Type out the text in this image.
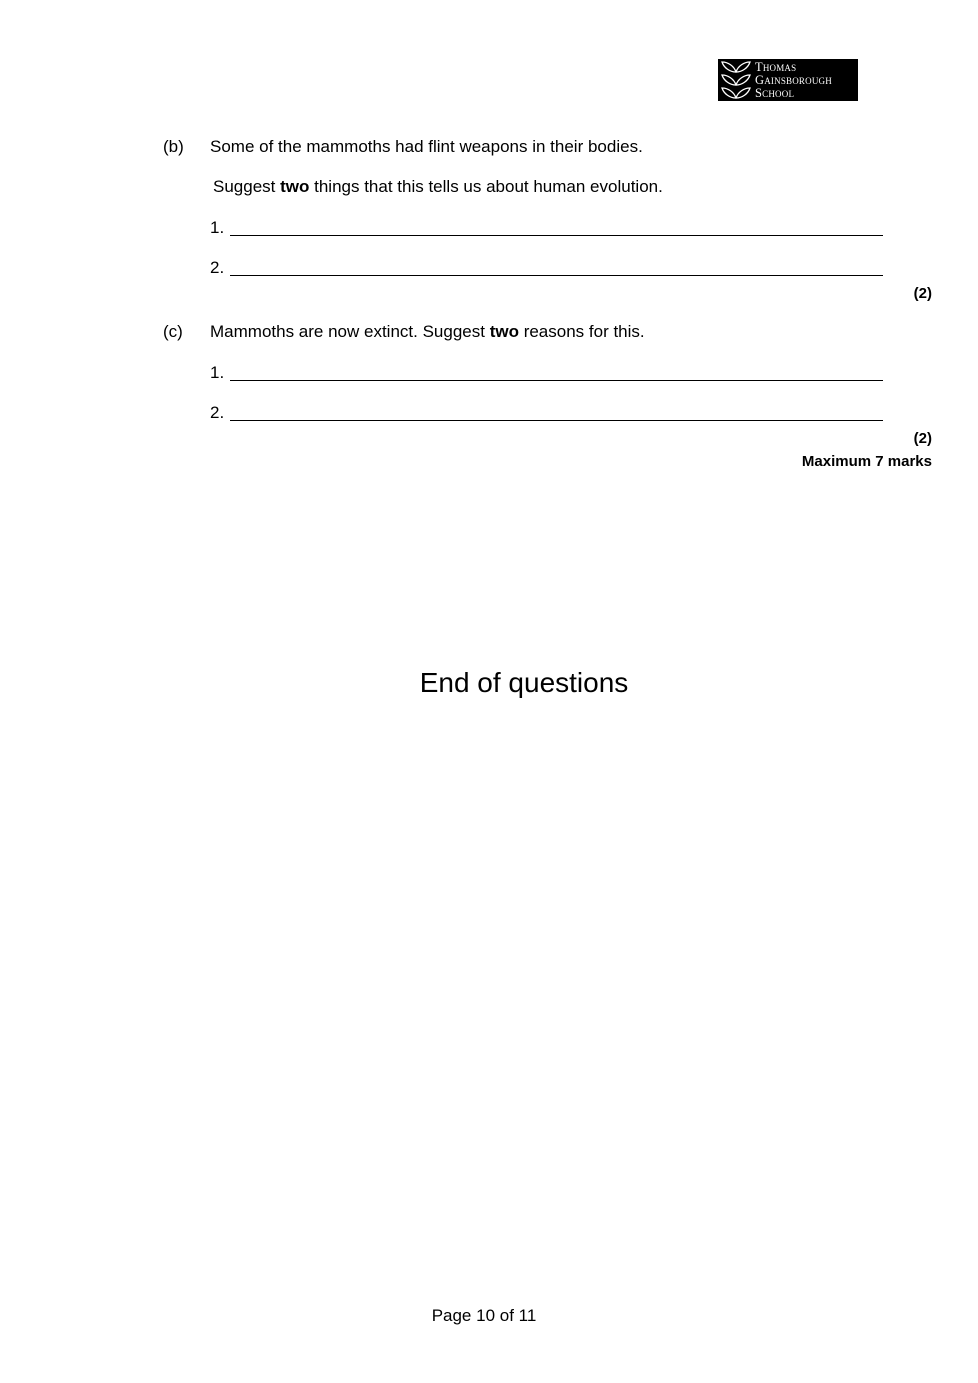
Thomas
Gainsborough
School
(b) Some of the mammoths had flint weapons in their bodies.
Suggest two things that this tells us about human evolution.
1.
2.
(2)
(c) Mammoths are now extinct. Suggest two reasons for this.
1.
2.
(2)
Maximum 7 marks
End of questions
Page 10 of 11
